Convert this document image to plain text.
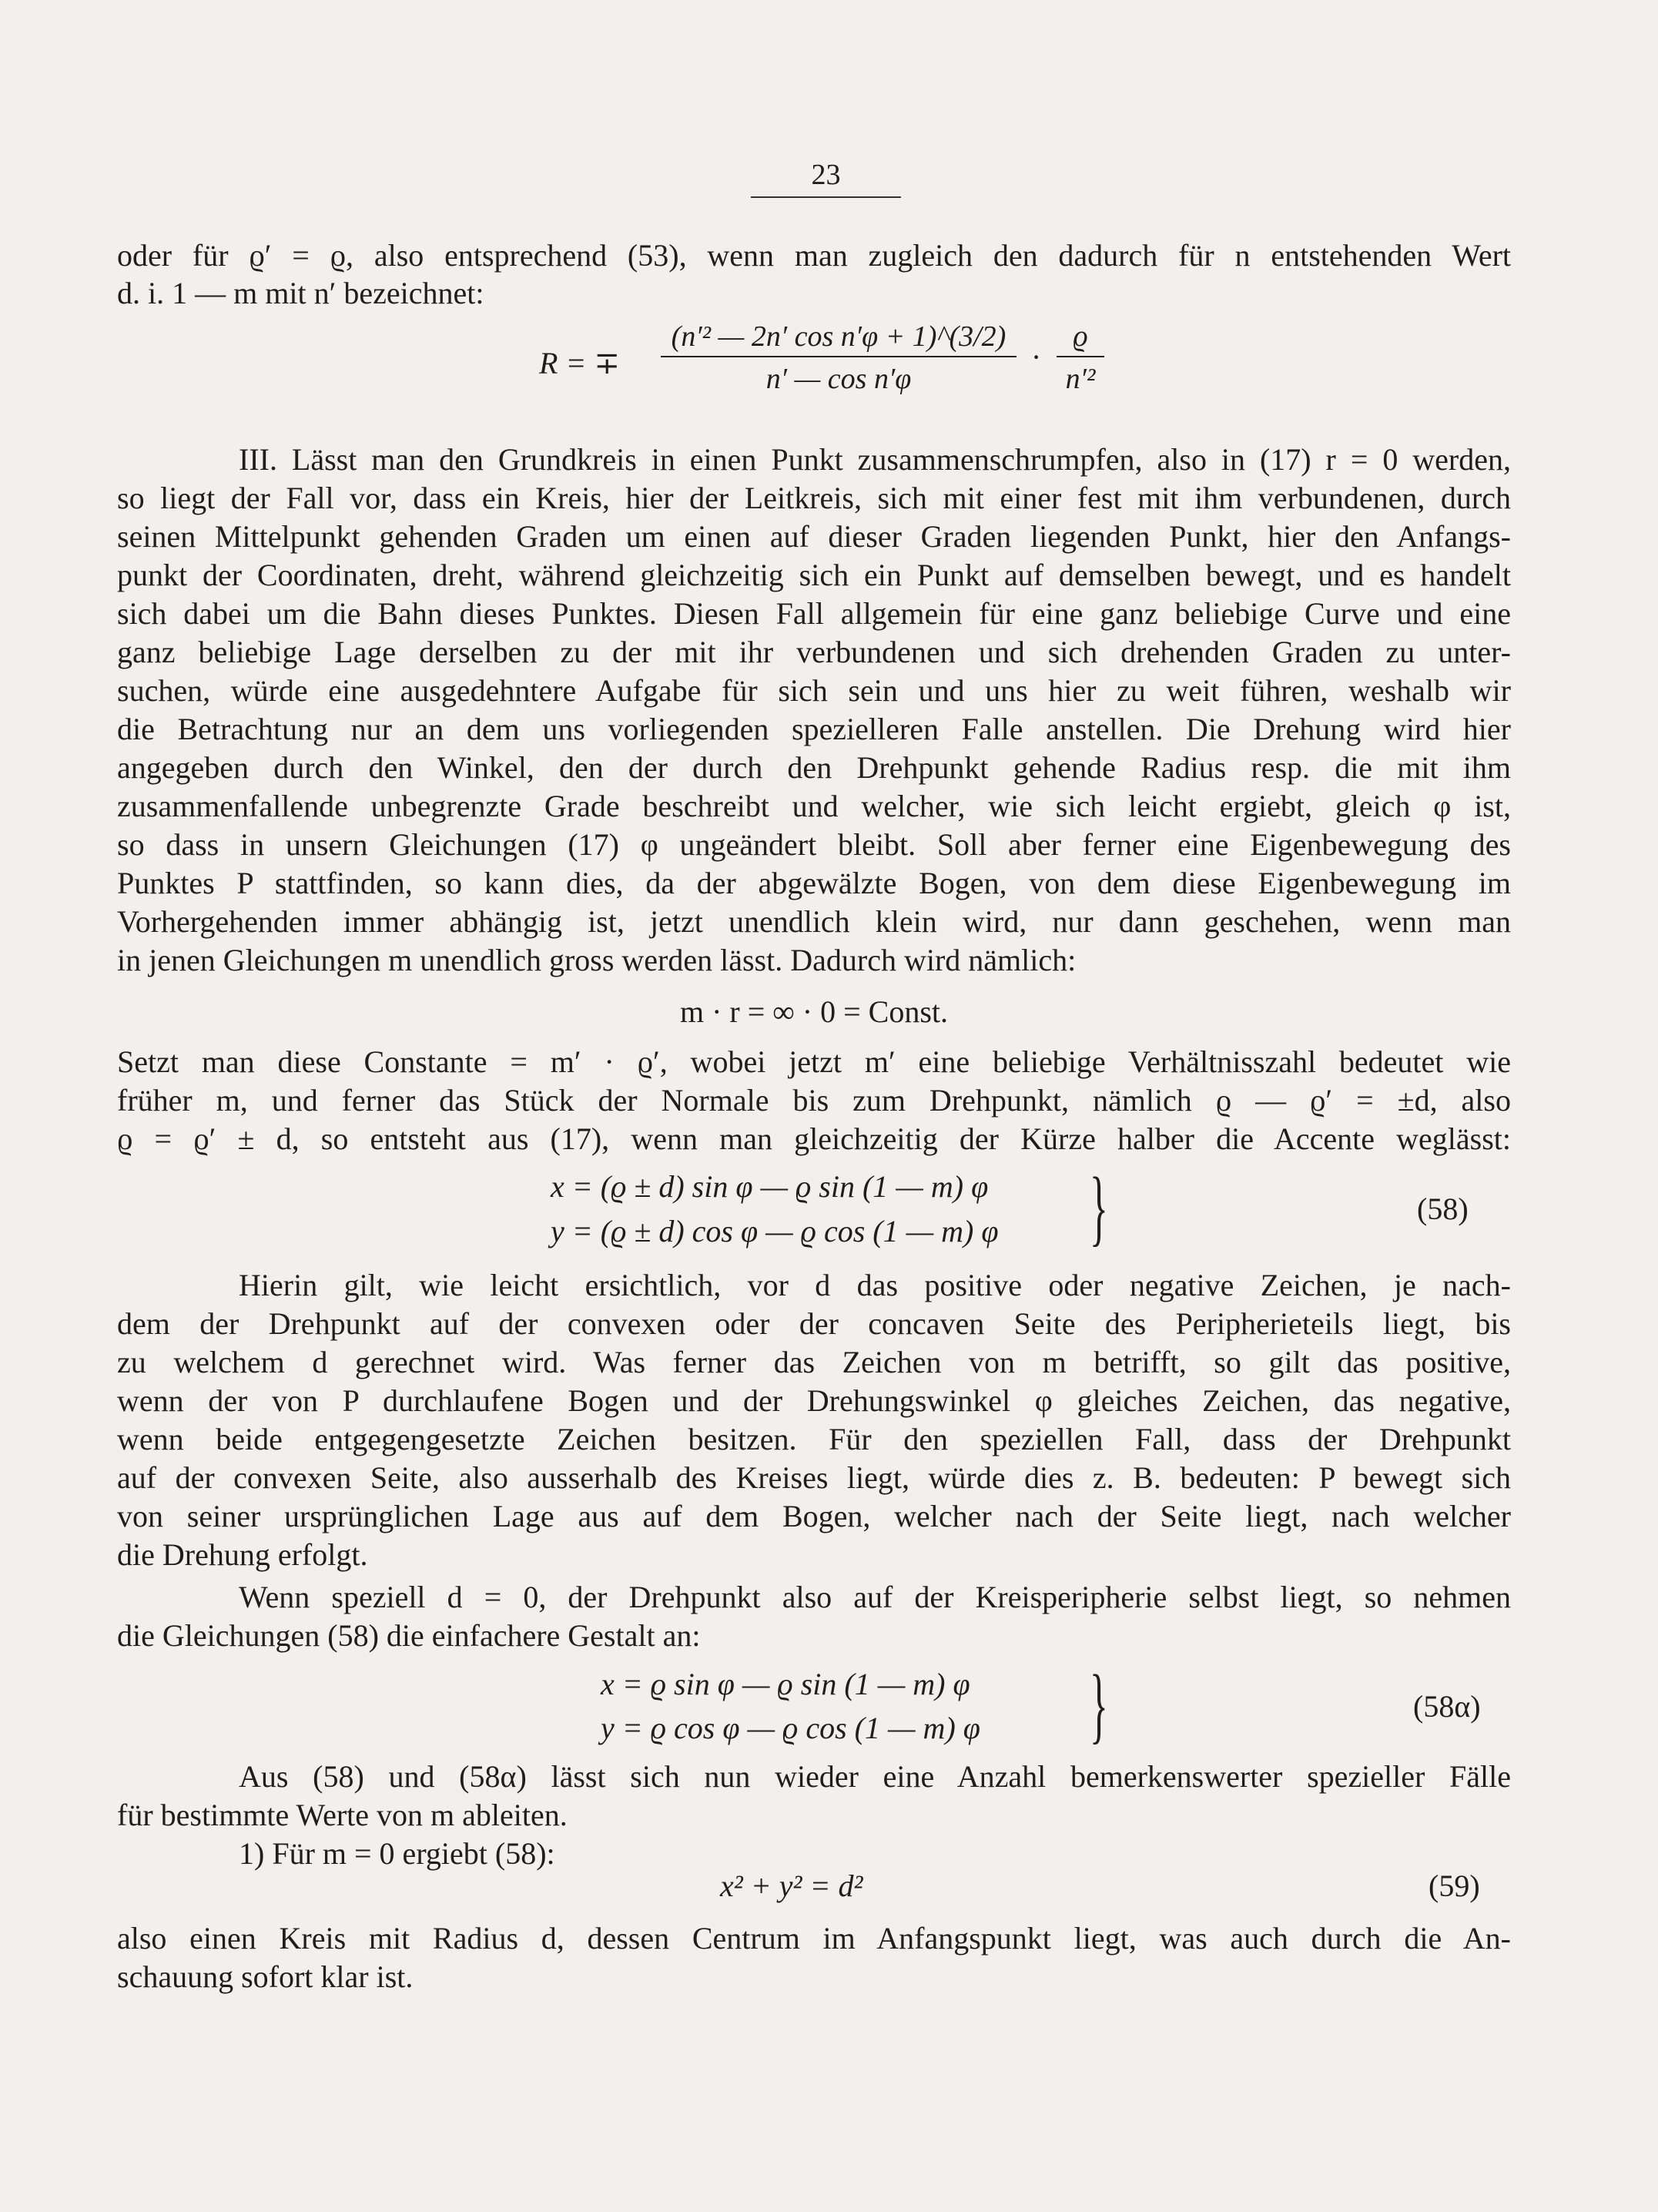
23
oder für ϱ′ = ϱ, also entsprechend (53), wenn man zugleich den dadurch für n entstehenden Wert
d. i. 1 — m mit n′ bezeichnet:
R = ∓
(n′² — 2n′ cos n′φ + 1)^(3/2)
n′ — cos n′φ
·
ϱ
n′²
III. Lässt man den Grundkreis in einen Punkt zusammenschrumpfen, also in (17) r = 0 werden,
so liegt der Fall vor, dass ein Kreis, hier der Leitkreis, sich mit einer fest mit ihm verbundenen, durch
seinen Mittelpunkt gehenden Graden um einen auf dieser Graden liegenden Punkt, hier den Anfangs-
punkt der Coordinaten, dreht, während gleichzeitig sich ein Punkt auf demselben bewegt, und es handelt
sich dabei um die Bahn dieses Punktes. Diesen Fall allgemein für eine ganz beliebige Curve und eine
ganz beliebige Lage derselben zu der mit ihr verbundenen und sich drehenden Graden zu unter-
suchen, würde eine ausgedehntere Aufgabe für sich sein und uns hier zu weit führen, weshalb wir
die Betrachtung nur an dem uns vorliegenden spezielleren Falle anstellen. Die Drehung wird hier
angegeben durch den Winkel, den der durch den Drehpunkt gehende Radius resp. die mit ihm
zusammenfallende unbegrenzte Grade beschreibt und welcher, wie sich leicht ergiebt, gleich φ ist,
so dass in unsern Gleichungen (17) φ ungeändert bleibt. Soll aber ferner eine Eigenbewegung des
Punktes P stattfinden, so kann dies, da der abgewälzte Bogen, von dem diese Eigenbewegung im
Vorhergehenden immer abhängig ist, jetzt unendlich klein wird, nur dann geschehen, wenn man
in jenen Gleichungen m unendlich gross werden lässt. Dadurch wird nämlich:
m · r = ∞ · 0 = Const.
Setzt man diese Constante = m′ · ϱ′, wobei jetzt m′ eine beliebige Verhältnisszahl bedeutet wie
früher m, und ferner das Stück der Normale bis zum Drehpunkt, nämlich ϱ — ϱ′ = ±d, also
ϱ = ϱ′ ± d, so entsteht aus (17), wenn man gleichzeitig der Kürze halber die Accente weglässt:
x = (ϱ ± d) sin φ — ϱ sin (1 — m) φ
y = (ϱ ± d) cos φ — ϱ cos (1 — m) φ }	(58)
Hierin gilt, wie leicht ersichtlich, vor d das positive oder negative Zeichen, je nach-
dem der Drehpunkt auf der convexen oder der concaven Seite des Peripherieteils liegt, bis
zu welchem d gerechnet wird. Was ferner das Zeichen von m betrifft, so gilt das positive,
wenn der von P durchlaufene Bogen und der Drehungswinkel φ gleiches Zeichen, das negative,
wenn beide entgegengesetzte Zeichen besitzen. Für den speziellen Fall, dass der Drehpunkt
auf der convexen Seite, also ausserhalb des Kreises liegt, würde dies z. B. bedeuten: P bewegt sich
von seiner ursprünglichen Lage aus auf dem Bogen, welcher nach der Seite liegt, nach welcher
die Drehung erfolgt.
Wenn speziell d = 0, der Drehpunkt also auf der Kreisperipherie selbst liegt, so nehmen
die Gleichungen (58) die einfachere Gestalt an:
x = ϱ sin φ — ϱ sin (1 — m) φ
y = ϱ cos φ — ϱ cos (1 — m) φ }	(58α)
Aus (58) und (58α) lässt sich nun wieder eine Anzahl bemerkenswerter spezieller Fälle
für bestimmte Werte von m ableiten.
1) Für m = 0 ergiebt (58):
x² + y² = d²	(59)
also einen Kreis mit Radius d, dessen Centrum im Anfangspunkt liegt, was auch durch die An-
schauung sofort klar ist.
